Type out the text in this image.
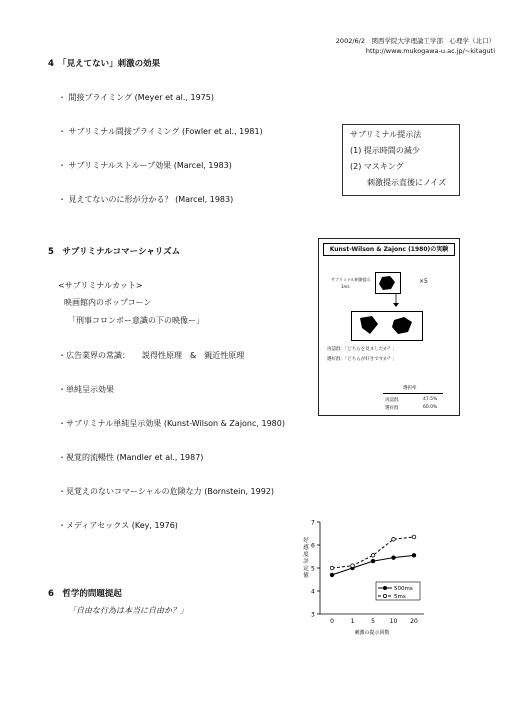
2002/6/2　関西学院大学理論工学部　心理学（北口）
http://www.mukogawa-u.ac.jp/~kitaguti
4　「見えてない」刺激の効果
・ 間接プライミング (Meyer et al., 1975)
・ サブリミナル間接プライミング (Fowler et al., 1981)
・ サブリミナルストループ効果 (Marcel, 1983)
・ 見えてないのに形が分かる？ (Marcel, 1983)
サブリミナル提示法
(1) 提示時間の減少
(2) マスキング
刺激提示直後にノイズ
5　サブリミナルコマーシャリズム
<サブリミナルカット>
映画館内のポップコーン
「刑事コロンボー意識の下の映像ー」
・広告業界の常識：　　説得性原理　&　親近性原理
・単純呈示効果
・サブリミナル単純呈示効果 (Kunst-Wilson & Zajonc, 1980)
・視覚的流暢性 (Mandler et al., 1987)
・見覚えのないコマーシャルの危険な力 (Bornstein, 1992)
・メディアセックス (Key, 1976)
Kunst-Wilson & Zajonc (1980)の実験
サブリミナル刺激提示
1ms
×5
再認群：「どちらを見ましたか？」
選好群：「どちらが好きですか？」
選択率
再認群	47.5%
選好群	60.0%
3
4
5
6
7
0	1	5 10 20
刺激の提示回数
好
感
度
評
定
値
500ms
5ms
6　哲学的問題提起
「自由な行為は本当に自由か？」
